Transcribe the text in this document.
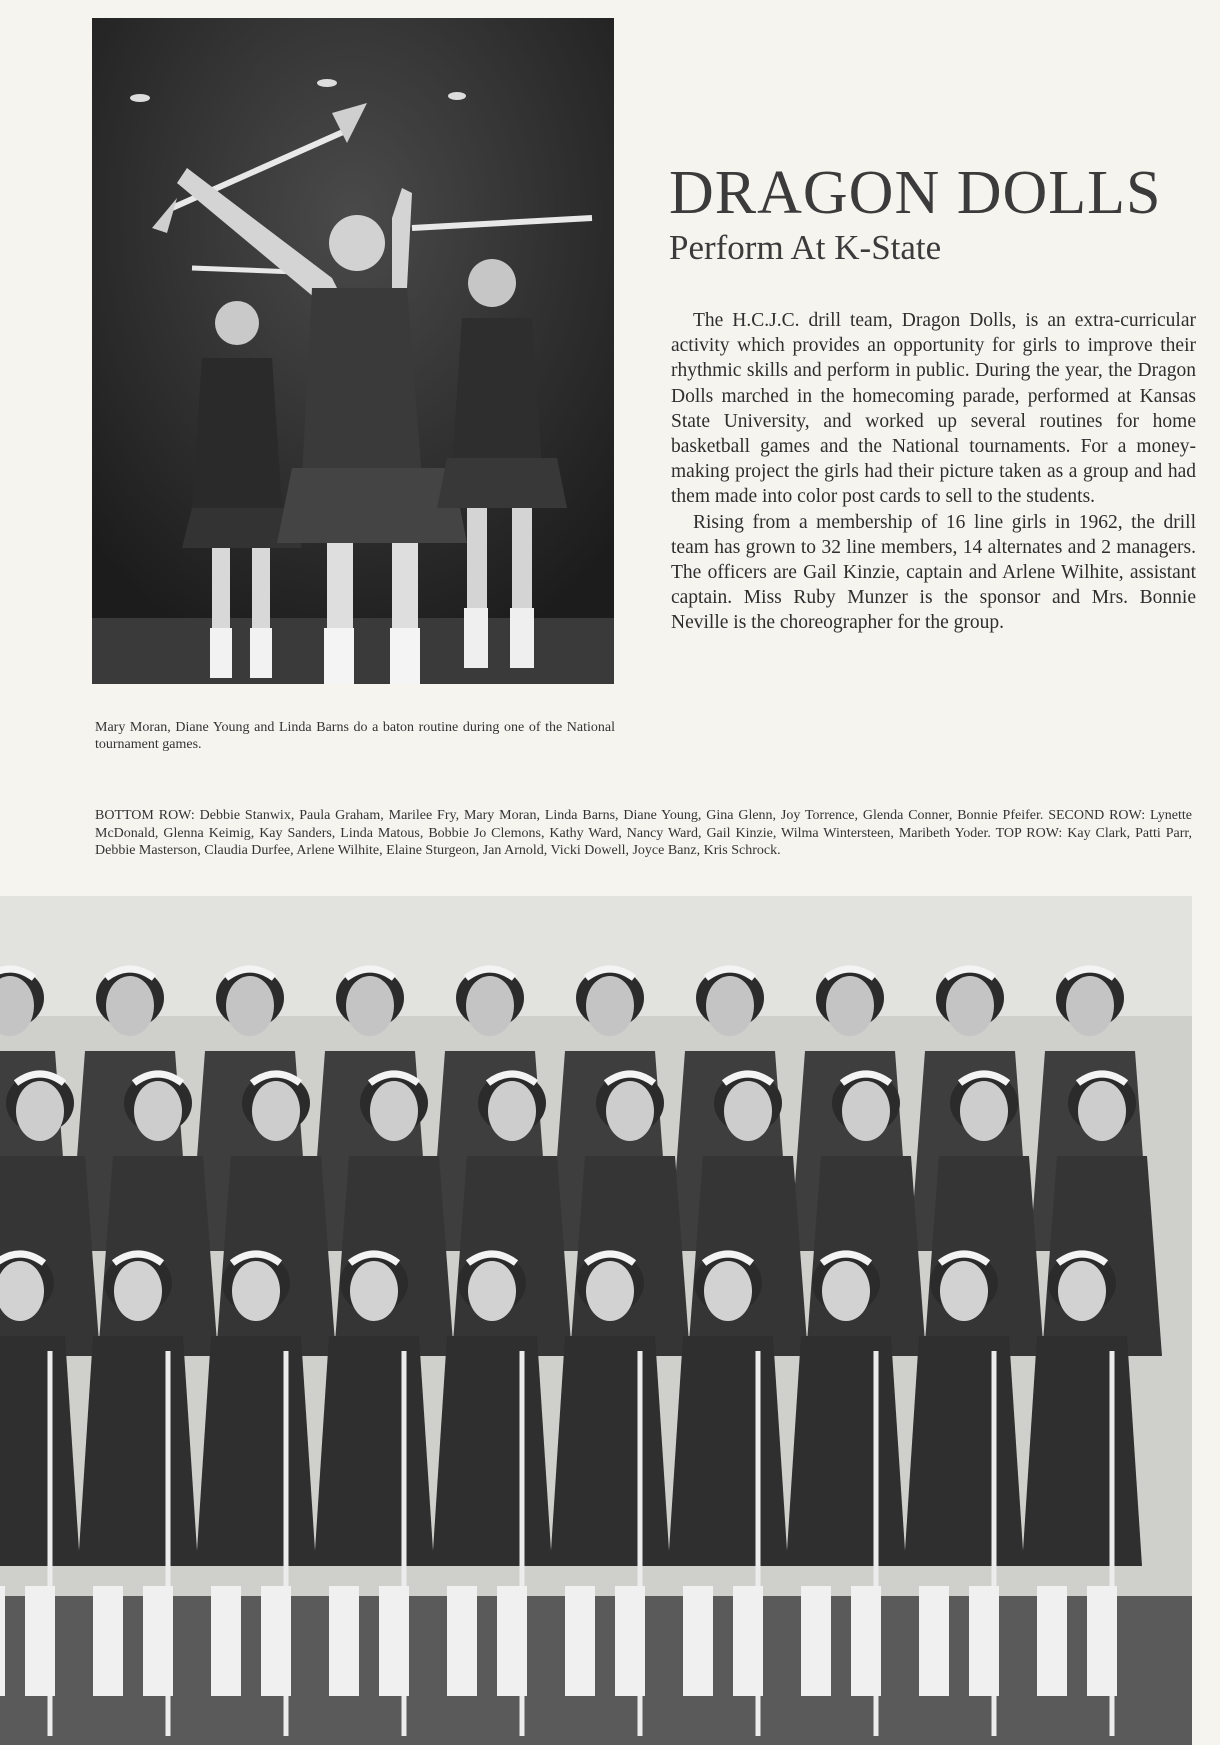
Mary Moran, Diane Young and Linda Barns do a baton routine during one of the National tournament games.

DRAGON DOLLS
Perform At K-State

The H.C.J.C. drill team, Dragon Dolls, is an extra-curricular activity which provides an opportunity for girls to improve their rhythmic skills and perform in public. During the year, the Dragon Dolls marched in the homecoming parade, performed at Kansas State University, and worked up several routines for home basketball games and the National tournaments. For a money-making project the girls had their picture taken as a group and had them made into color post cards to sell to the students.

Rising from a membership of 16 line girls in 1962, the drill team has grown to 32 line members, 14 alternates and 2 managers. The officers are Gail Kinzie, captain and Arlene Wilhite, assistant captain. Miss Ruby Munzer is the sponsor and Mrs. Bonnie Neville is the choreographer for the group.

BOTTOM ROW: Debbie Stanwix, Paula Graham, Marilee Fry, Mary Moran, Linda Barns, Diane Young, Gina Glenn, Joy Torrence, Glenda Conner, Bonnie Pfeifer. SECOND ROW: Lynette McDonald, Glenna Keimig, Kay Sanders, Linda Matous, Bobbie Jo Clemons, Kathy Ward, Nancy Ward, Gail Kinzie, Wilma Wintersteen, Maribeth Yoder. TOP ROW: Kay Clark, Patti Parr, Debbie Masterson, Claudia Durfee, Arlene Wilhite, Elaine Sturgeon, Jan Arnold, Vicki Dowell, Joyce Banz, Kris Schrock.
